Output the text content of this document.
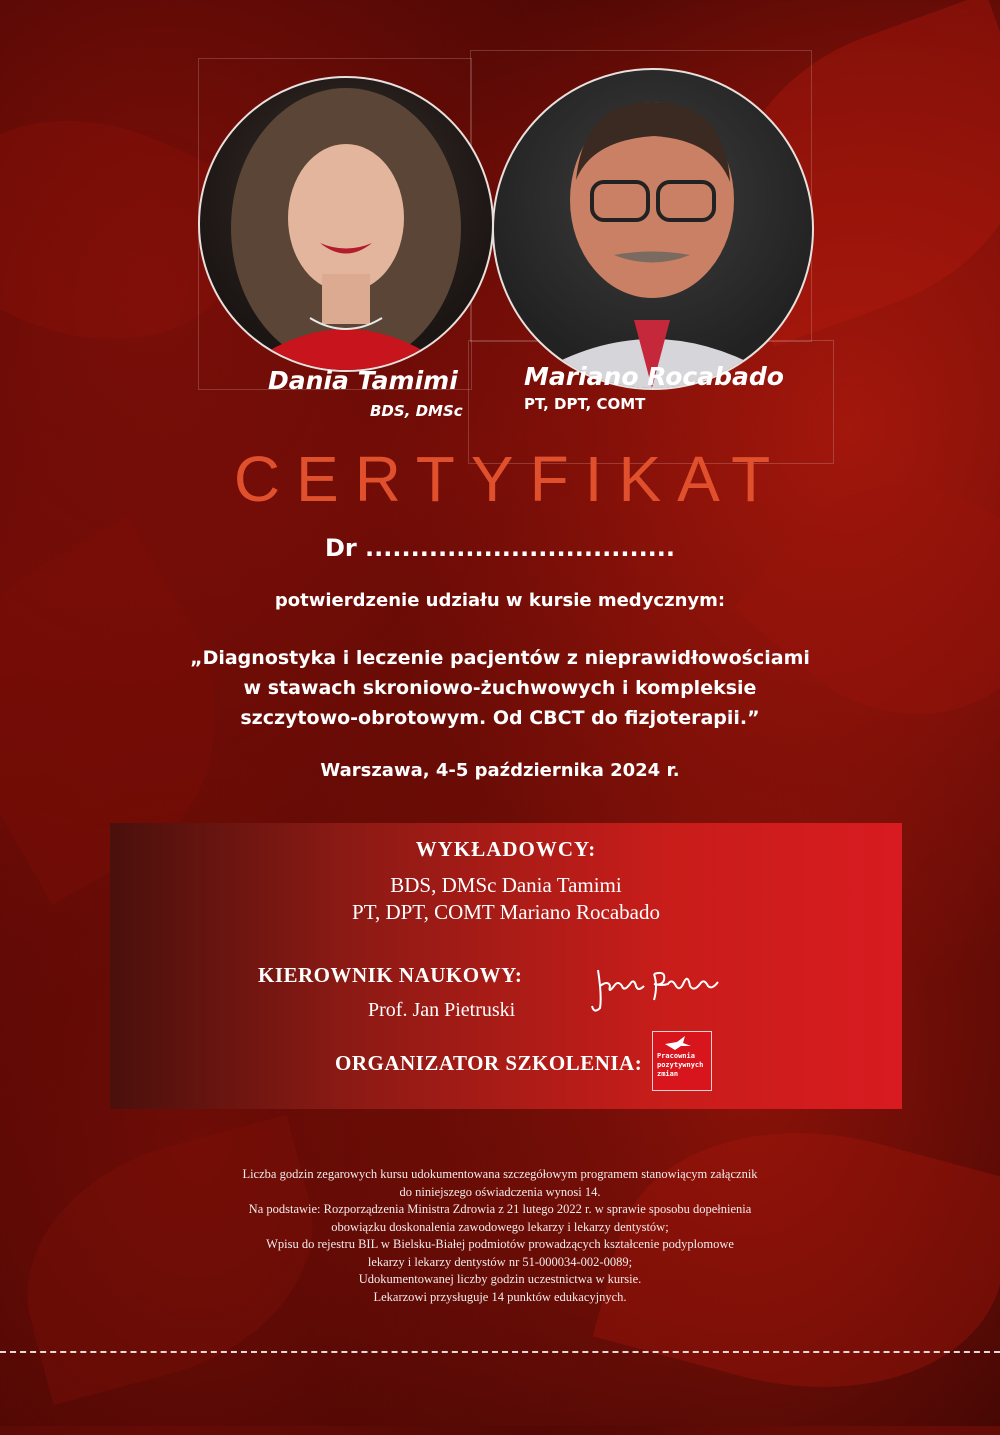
Dania Tamimi
BDS, DMSc
Mariano Rocabado
PT, DPT, COMT
CERTYFIKAT
Dr ..................................
potwierdzenie udziału w kursie medycznym:
„Diagnostyka i leczenie pacjentów z nieprawidłowościami
w stawach skroniowo-żuchwowych i kompleksie
szczytowo-obrotowym. Od CBCT do fizjoterapii.”
Warszawa, 4-5 października 2024 r.
WYKŁADOWCY:
BDS, DMSc Dania Tamimi
PT, DPT, COMT Mariano Rocabado
KIEROWNIK NAUKOWY:
Prof. Jan Pietruski
ORGANIZATOR SZKOLENIA: Pracownia
pozytywnych
zmian
Liczba godzin zegarowych kursu udokumentowana szczegółowym programem stanowiącym załącznik
do niniejszego oświadczenia wynosi 14.
Na podstawie: Rozporządzenia Ministra Zdrowia z 21 lutego 2022 r. w sprawie sposobu dopełnienia
obowiązku doskonalenia zawodowego lekarzy i lekarzy dentystów;
Wpisu do rejestru BIL w Bielsku-Białej podmiotów prowadzących kształcenie podyplomowe
lekarzy i lekarzy dentystów nr 51-000034-002-0089;
Udokumentowanej liczby godzin uczestnictwa w kursie.
Lekarzowi przysługuje 14 punktów edukacyjnych.
